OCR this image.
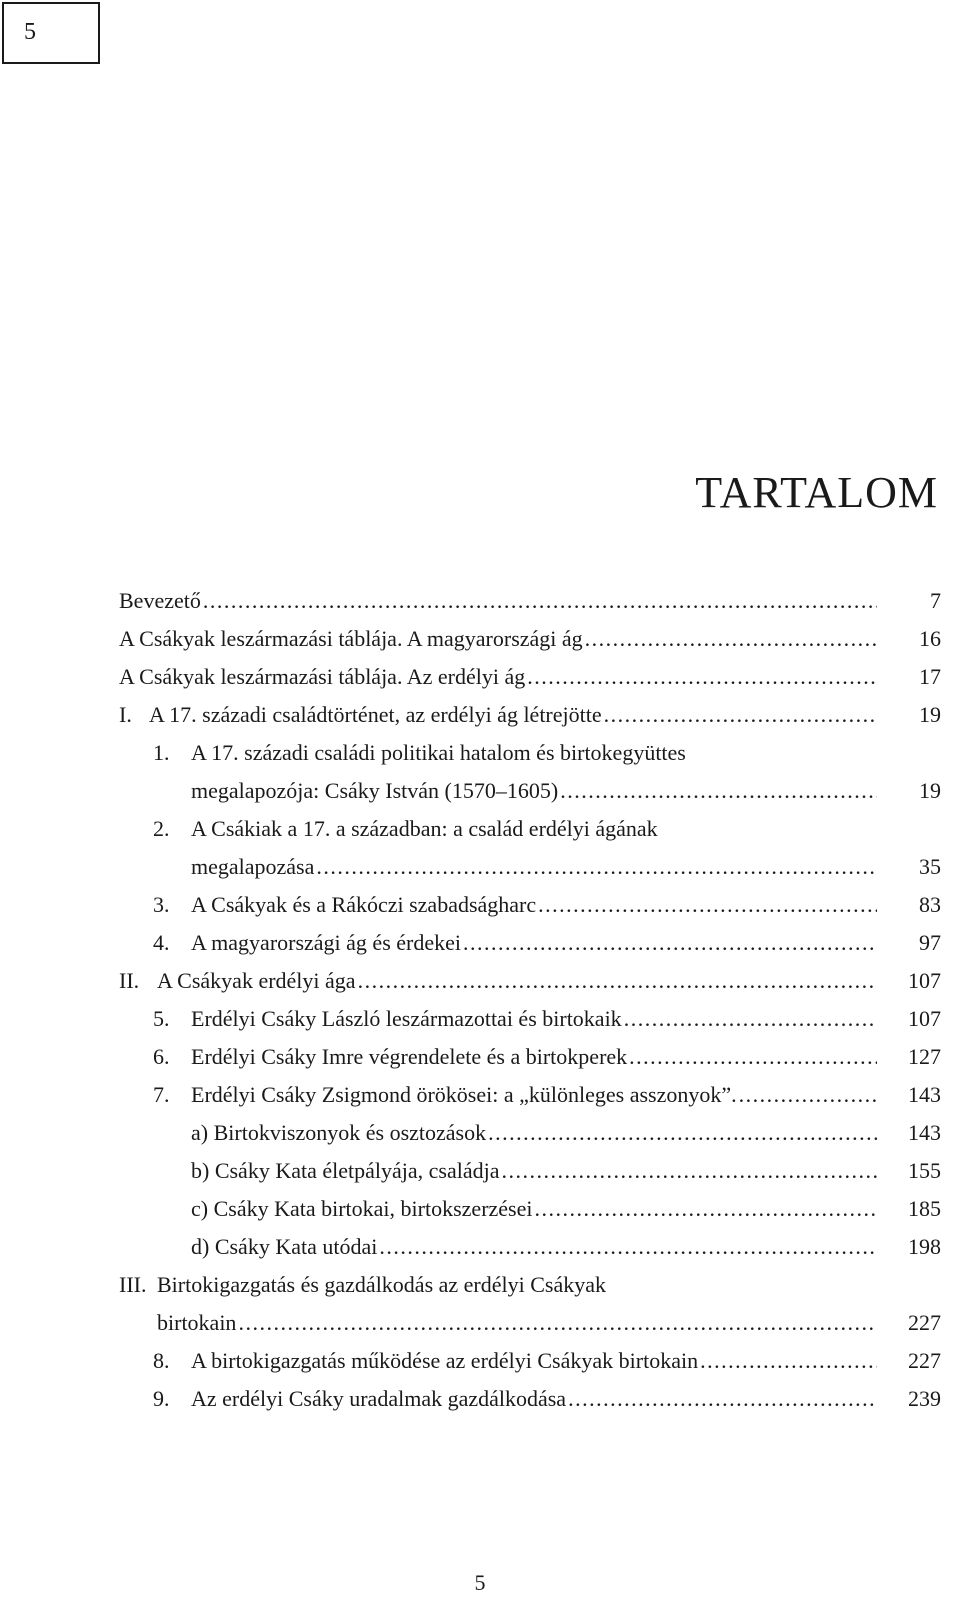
5
TARTALOM
Bevezető . . .	7
A Csákyak leszármazási táblája. A magyarországi ág . . .	16
A Csákyak leszármazási táblája. Az erdélyi ág . . .	17
I. A 17. századi családtörténet, az erdélyi ág létrejötte . . .	19
1. A 17. századi családi politikai hatalom és birtokegyüttes
megalapozója: Csáky István (1570–1605) . . .	19
2. A Csákiak a 17. a században: a család erdélyi ágának
megalapozása . . .	35
3. A Csákyak és a Rákóczi szabadságharc . . .	83
4. A magyarországi ág és érdekei . . .	97
II. A Csákyak erdélyi ága . . .	107
5. Erdélyi Csáky László leszármazottai és birtokaik . . .	107
6. Erdélyi Csáky Imre végrendelete és a birtokperek . . .	127
7. Erdélyi Csáky Zsigmond örökösei: a „különleges asszonyok”. . . .	143
a) Birtokviszonyok és osztozások . . .	143
b) Csáky Kata életpályája, családja . . .	155
c) Csáky Kata birtokai, birtokszerzései . . .	185
d) Csáky Kata utódai . . .	198
III. Birtokigazgatás és gazdálkodás az erdélyi Csákyak
birtokain . . .	227
8. A birtokigazgatás működése az erdélyi Csákyak birtokain . . .	227
9. Az erdélyi Csáky uradalmak gazdálkodása . . .	239
5
